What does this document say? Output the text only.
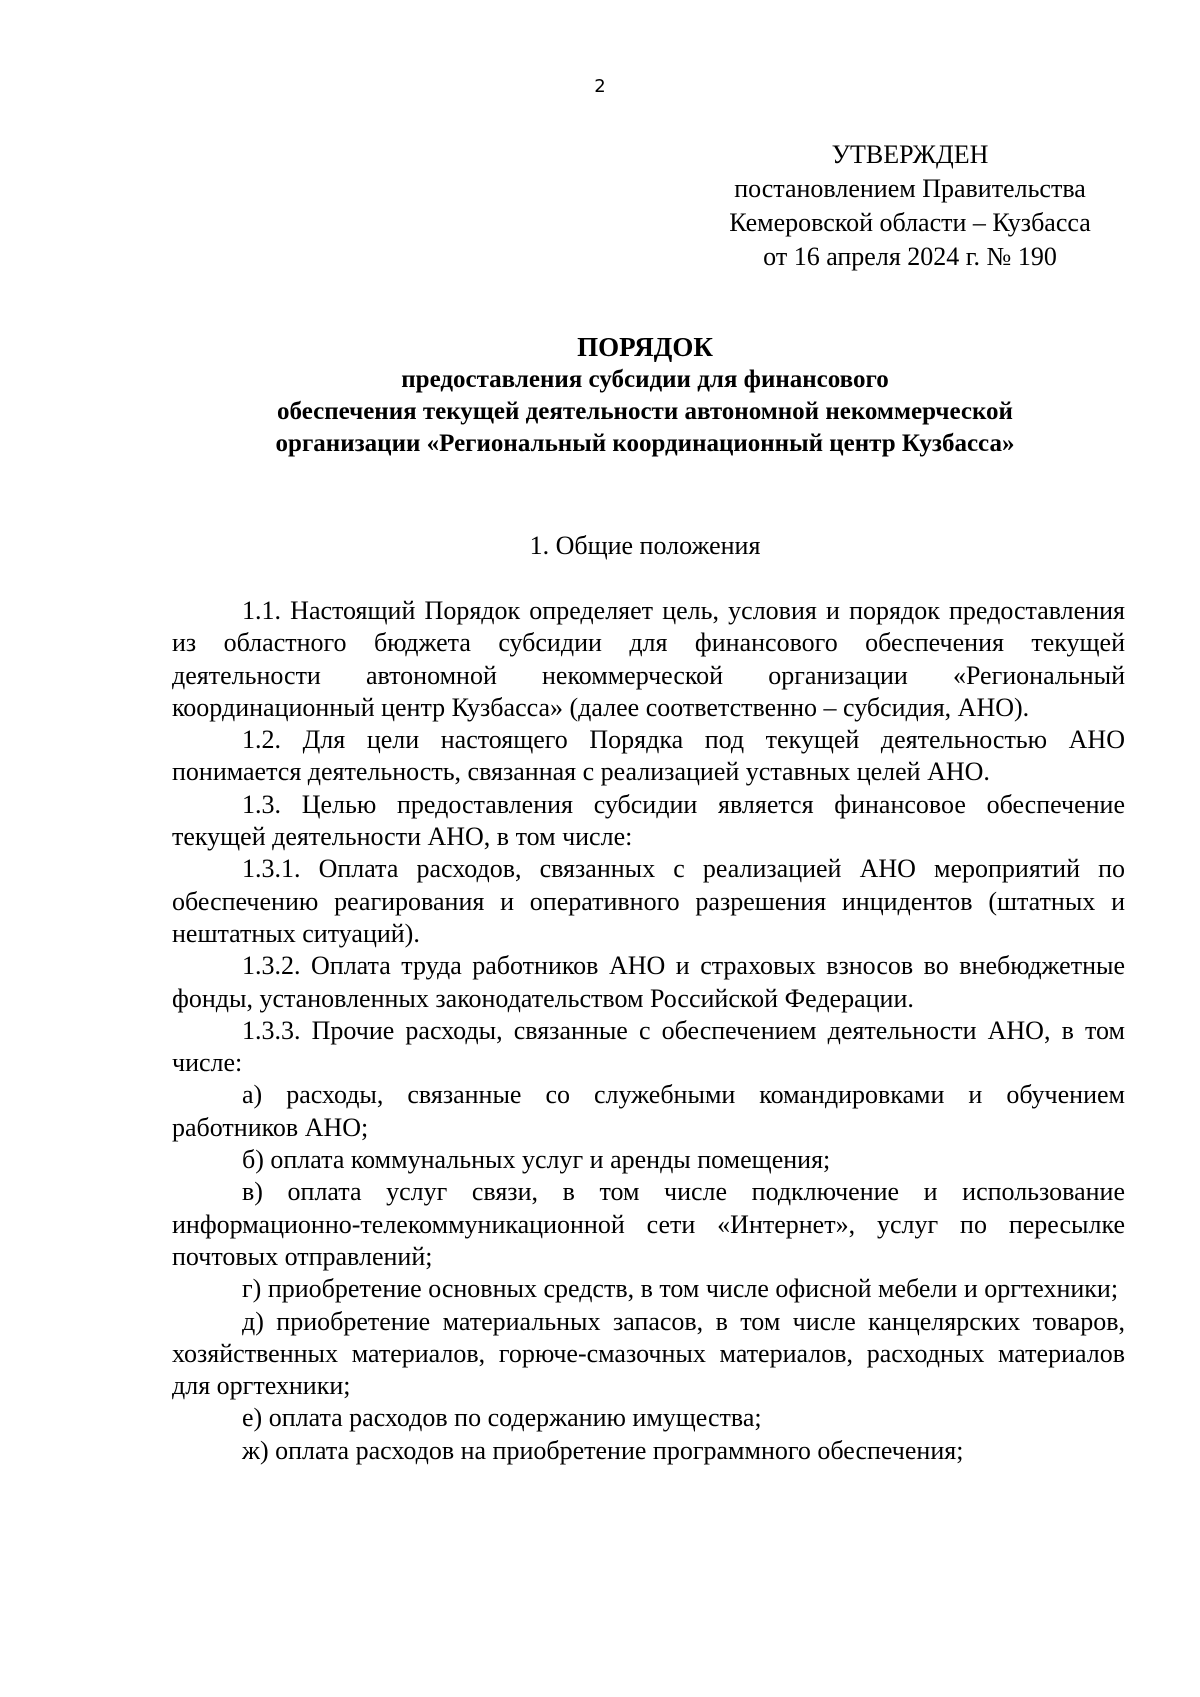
2
УТВЕРЖДЕН
постановлением Правительства
Кемеровской области – Кузбасса
от 16 апреля 2024 г. № 190
ПОРЯДОК
предоставления субсидии для финансового
обеспечения текущей деятельности автономной некоммерческой
организации «Региональный координационный центр Кузбасса»
1. Общие положения

1.1. Настоящий Порядок определяет цель, условия и порядок предоставления из областного бюджета субсидии для финансового обеспечения текущей деятельности автономной некоммерческой организации «Региональный координационный центр Кузбасса» (далее соответственно – субсидия, АНО).

1.2. Для цели настоящего Порядка под текущей деятельностью АНО понимается деятельность, связанная с реализацией уставных целей АНО.

1.3. Целью предоставления субсидии является финансовое обеспечение текущей деятельности АНО, в том числе:

1.3.1. Оплата расходов, связанных с реализацией АНО мероприятий по обеспечению реагирования и оперативного разрешения инцидентов (штатных и нештатных ситуаций).

1.3.2. Оплата труда работников АНО и страховых взносов во внебюджетные фонды, установленных законодательством Российской Федерации.

1.3.3. Прочие расходы, связанные с обеспечением деятельности АНО, в том числе:

а) расходы, связанные со служебными командировками и обучением работников АНО;

б) оплата коммунальных услуг и аренды помещения;

в) оплата услуг связи, в том числе подключение и использование информационно-телекоммуникационной сети «Интернет», услуг по пересылке почтовых отправлений;

г) приобретение основных средств, в том числе офисной мебели и оргтехники;

д) приобретение материальных запасов, в том числе канцелярских товаров, хозяйственных материалов, горюче-смазочных материалов, расходных материалов для оргтехники;

е) оплата расходов по содержанию имущества;

ж) оплата расходов на приобретение программного обеспечения;
